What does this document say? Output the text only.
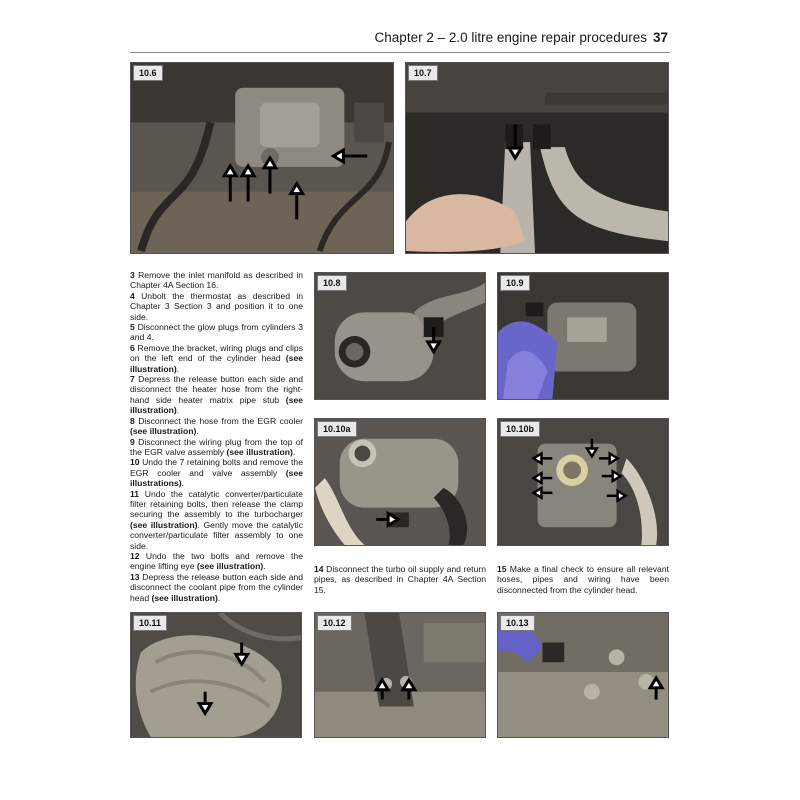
Chapter 2 – 2.0 litre engine repair procedures 37
10.6	10.7

3 Remove the inlet manifold as described in Chapter 4A Section 16.

4 Unbolt the thermostat as described in Chapter 3 Section 3 and position it to one side.

5 Disconnect the glow plugs from cylinders 3 and 4.

6 Remove the bracket, wiring plugs and clips on the left end of the cylinder head (see illustration).

7 Depress the release button each side and disconnect the heater hose from the right-hand side heater matrix pipe stub (see illustration).

8 Disconnect the hose from the EGR cooler (see illustration).

9 Disconnect the wiring plug from the top of the EGR valve assembly (see illustration).

10 Undo the 7 retaining bolts and remove the EGR cooler and valve assembly (see illustrations).

11 Undo the catalytic converter/particulate filter retaining bolts, then release the clamp securing the assembly to the turbocharger (see illustration). Gently move the catalytic converter/particulate filter assembly to one side.

12 Undo the two bolts and remove the engine lifting eye (see illustration).

13 Depress the release button each side and disconnect the coolant pipe from the cylinder head (see illustration).

10.8	10.9
10.10a	10.10b

14 Disconnect the turbo oil supply and return pipes, as described in Chapter 4A Section 15.

15 Make a final check to ensure all relevant hoses, pipes and wiring have been disconnected from the cylinder head.

10.11	10.12	10.13
